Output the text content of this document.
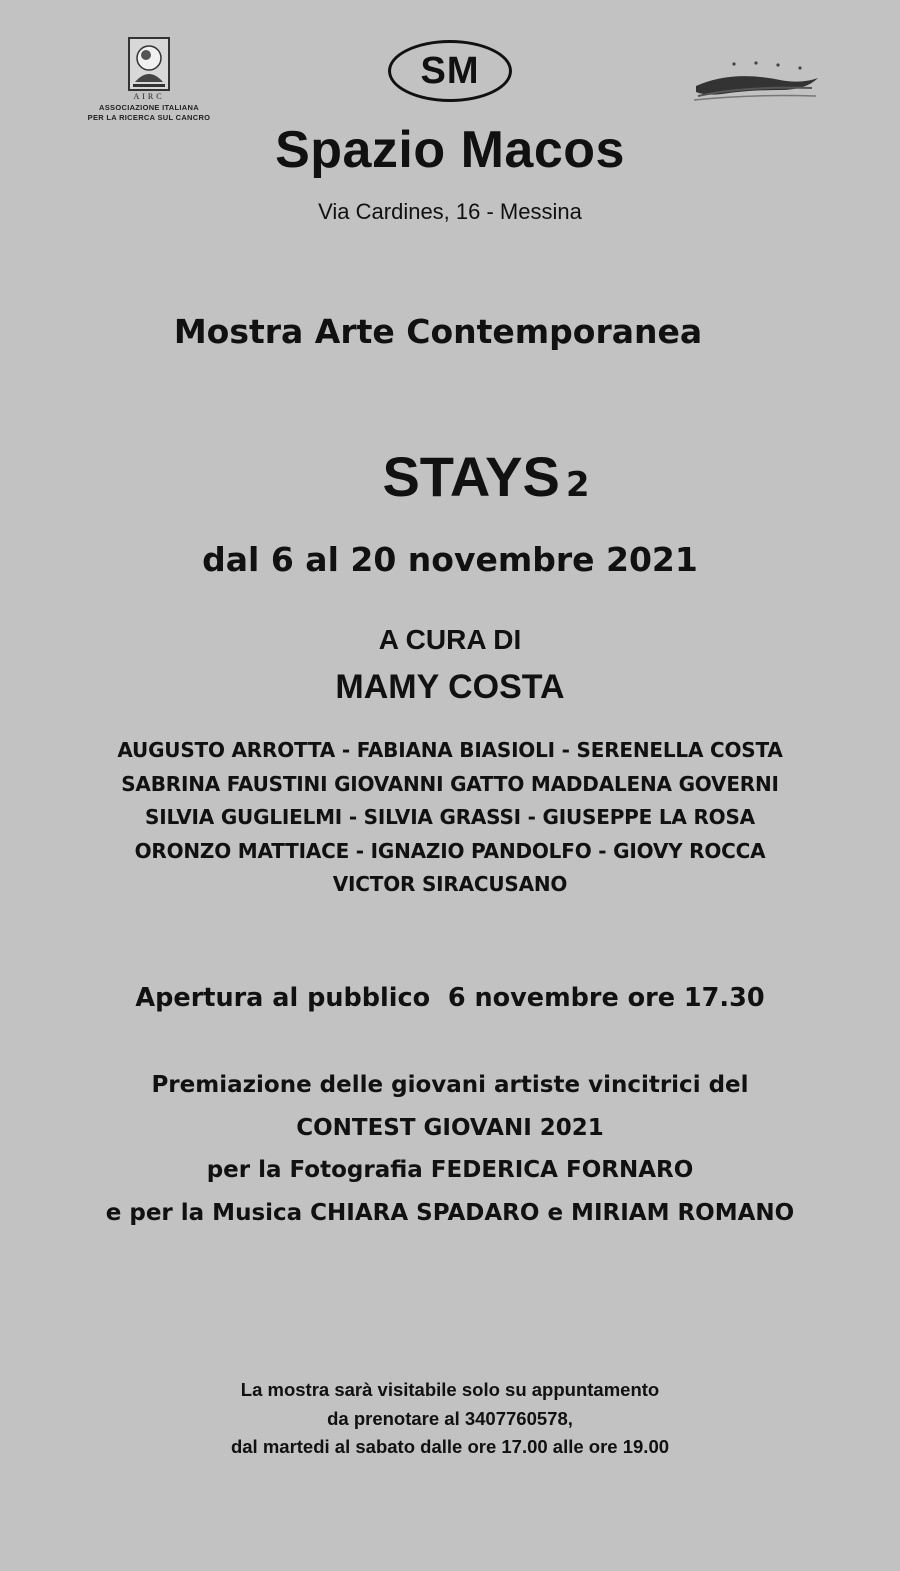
AIRC
ASSOCIAZIONE ITALIANA
PER LA RICERCA SUL CANCRO
SM
Spazio Macos
Via Cardines, 16 - Messina
Mostra Arte Contemporanea
STAYS 2
dal 6 al 20 novembre 2021
A CURA DI
MAMY COSTA
AUGUSTO ARROTTA - FABIANA BIASIOLI - SERENELLA COSTA
SABRINA FAUSTINI GIOVANNI GATTO MADDALENA GOVERNI
SILVIA GUGLIELMI - SILVIA GRASSI - GIUSEPPE LA ROSA
ORONZO MATTIACE - IGNAZIO PANDOLFO - GIOVY ROCCA
VICTOR SIRACUSANO
Apertura al pubblico  6 novembre ore 17.30
Premiazione delle giovani artiste vincitrici del
CONTEST GIOVANI 2021
per la Fotografia FEDERICA FORNARO
e per la Musica CHIARA SPADARO e MIRIAM ROMANO
La mostra sarà visitabile solo su appuntamento
da prenotare al 3407760578,
dal martedi al sabato dalle ore 17.00 alle ore 19.00
